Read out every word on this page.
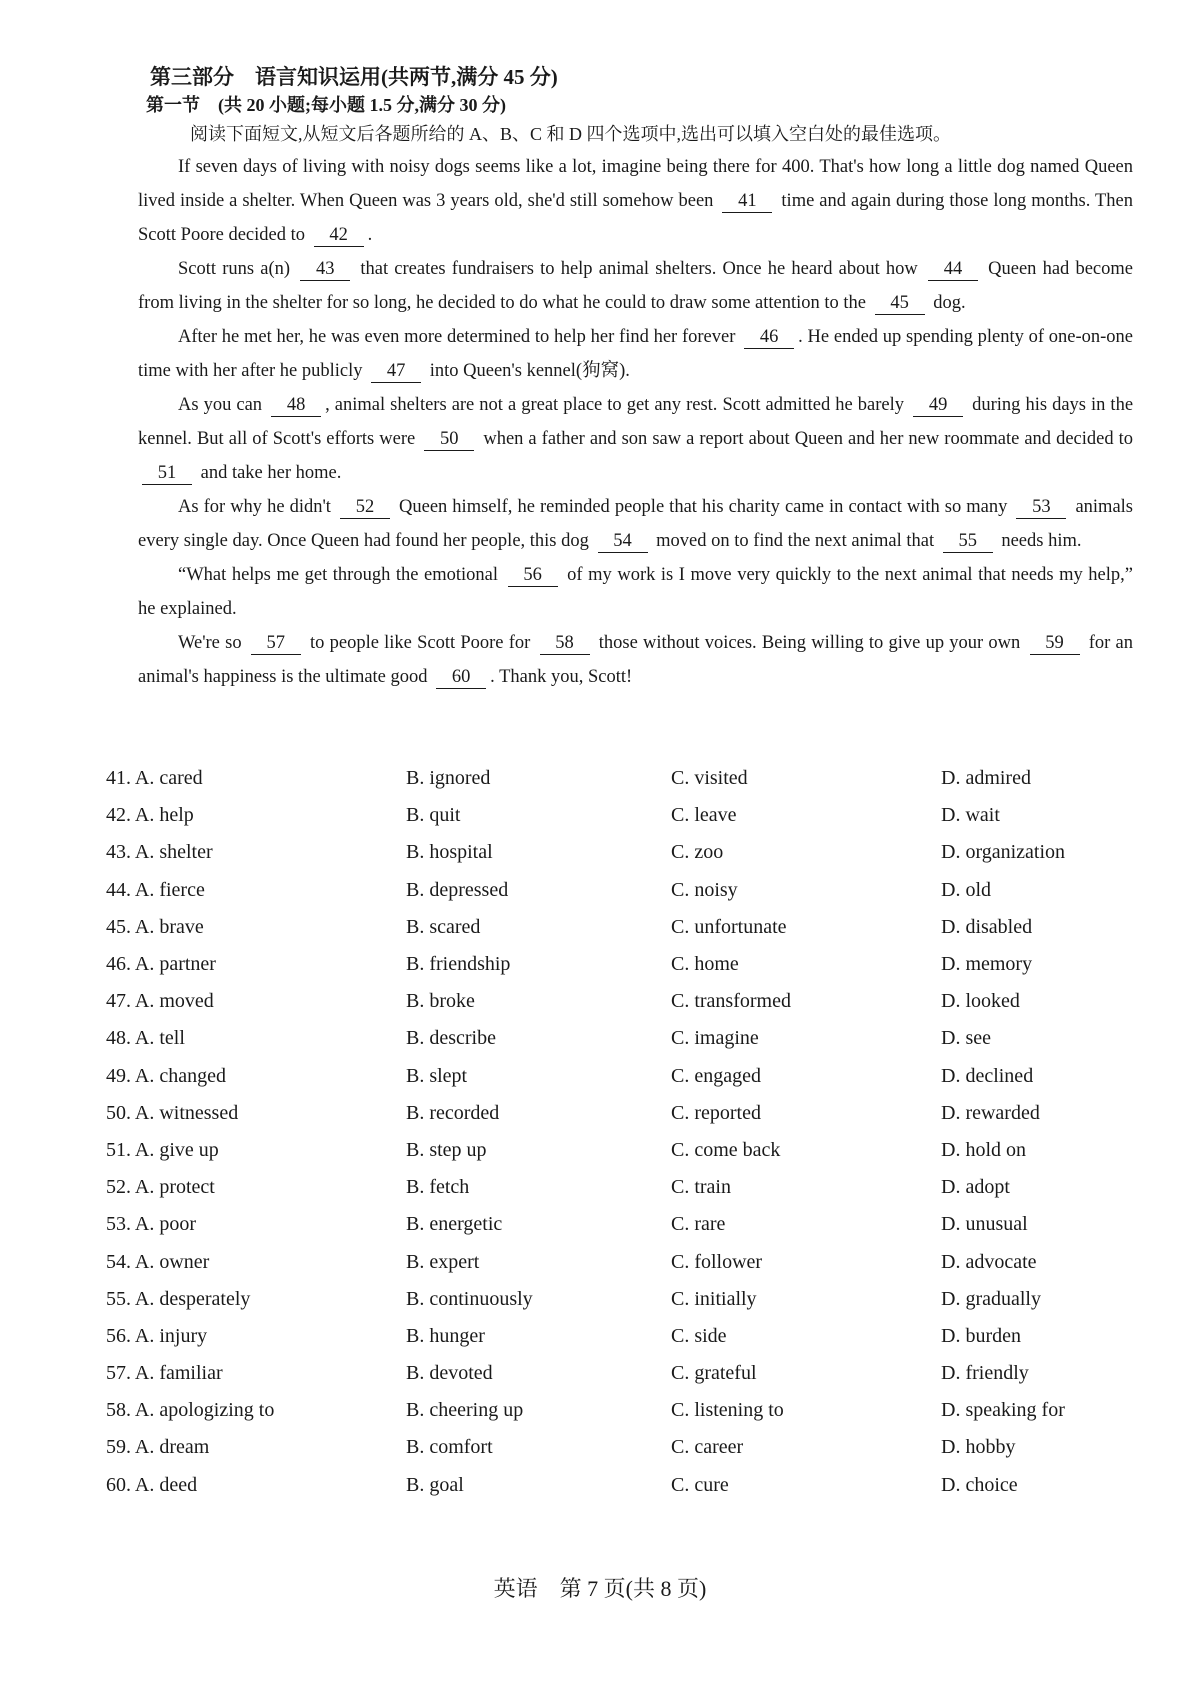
第三部分　语言知识运用(共两节,满分 45 分)
第一节　(共 20 小题;每小题 1.5 分,满分 30 分)
阅读下面短文,从短文后各题所给的 A、B、C 和 D 四个选项中,选出可以填入空白处的最佳选项。

If seven days of living with noisy dogs seems like a lot, imagine being there for 400. That's how long a little dog named Queen lived inside a shelter. When Queen was 3 years old, she'd still somehow been 41 time and again during those long months. Then Scott Poore decided to 42 .

Scott runs a(n) 43 that creates fundraisers to help animal shelters. Once he heard about how 44 Queen had become from living in the shelter for so long, he decided to do what he could to draw some attention to the 45 dog.

After he met her, he was even more determined to help her find her forever 46 . He ended up spending plenty of one-on-one time with her after he publicly 47 into Queen's kennel(狗窝).

As you can 48 , animal shelters are not a great place to get any rest. Scott admitted he barely 49 during his days in the kennel. But all of Scott's efforts were 50 when a father and son saw a report about Queen and her new roommate and decided to 51 and take her home.

As for why he didn't 52 Queen himself, he reminded people that his charity came in contact with so many 53 animals every single day. Once Queen had found her people, this dog 54 moved on to find the next animal that 55 needs him.

“What helps me get through the emotional 56 of my work is I move very quickly to the next animal that needs my help,” he explained.

We're so 57 to people like Scott Poore for 58 those without voices. Being willing to give up your own 59 for an animal's happiness is the ultimate good 60 . Thank you, Scott!

41. A. cared	B. ignored	C. visited	D. admired
42. A. help	B. quit	C. leave	D. wait
43. A. shelter	B. hospital	C. zoo	D. organization
44. A. fierce	B. depressed	C. noisy	D. old
45. A. brave	B. scared	C. unfortunate	D. disabled
46. A. partner	B. friendship	C. home	D. memory
47. A. moved	B. broke	C. transformed	D. looked
48. A. tell	B. describe	C. imagine	D. see
49. A. changed	B. slept	C. engaged	D. declined
50. A. witnessed	B. recorded	C. reported	D. rewarded
51. A. give up	B. step up	C. come back	D. hold on
52. A. protect	B. fetch	C. train	D. adopt
53. A. poor	B. energetic	C. rare	D. unusual
54. A. owner	B. expert	C. follower	D. advocate
55. A. desperately	B. continuously	C. initially	D. gradually
56. A. injury	B. hunger	C. side	D. burden
57. A. familiar	B. devoted	C. grateful	D. friendly
58. A. apologizing to	B. cheering up	C. listening to	D. speaking for
59. A. dream	B. comfort	C. career	D. hobby
60. A. deed	B. goal	C. cure	D. choice
英语　第 7 页(共 8 页)
